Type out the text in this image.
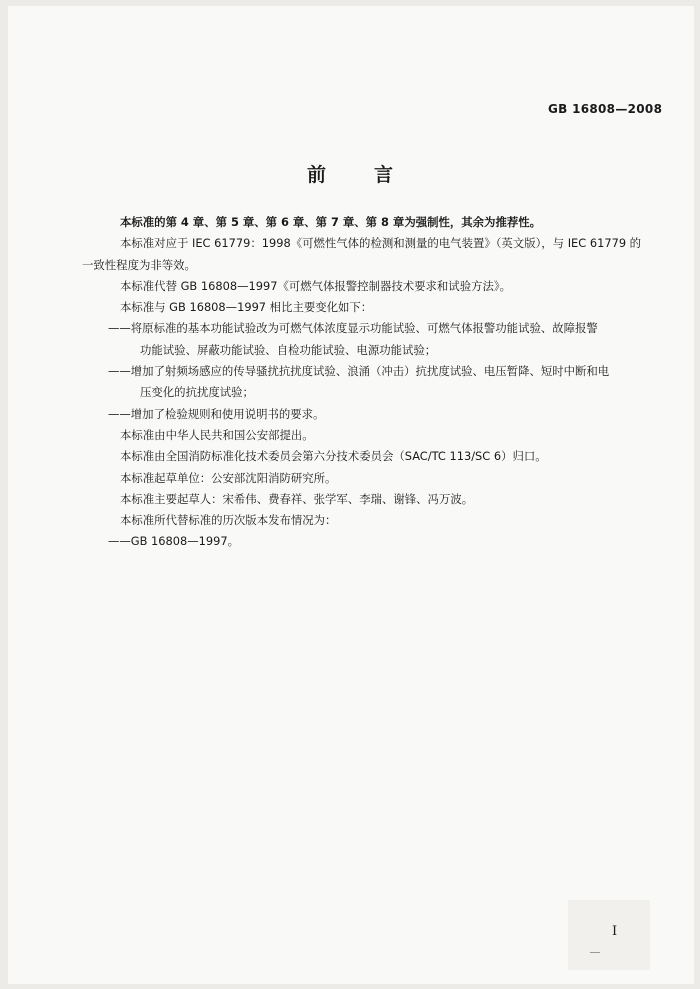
GB 16808—2008
前言

本标准的第 4 章、第 5 章、第 6 章、第 7 章、第 8 章为强制性，其余为推荐性。

本标准对应于 IEC 61779：1998《可燃性气体的检测和测量的电气装置》（英文版），与 IEC 61779 的

一致性程度为非等效。

本标准代替 GB 16808—1997《可燃气体报警控制器技术要求和试验方法》。

本标准与 GB 16808—1997 相比主要变化如下：

——将原标准的基本功能试验改为可燃气体浓度显示功能试验、可燃气体报警功能试验、故障报警

功能试验、屏蔽功能试验、自检功能试验、电源功能试验；

——增加了射频场感应的传导骚扰抗扰度试验、浪涌（冲击）抗扰度试验、电压暂降、短时中断和电

压变化的抗扰度试验；

——增加了检验规则和使用说明书的要求。

本标准由中华人民共和国公安部提出。

本标准由全国消防标准化技术委员会第六分技术委员会（SAC/TC 113/SC 6）归口。

本标准起草单位：公安部沈阳消防研究所。

本标准主要起草人：宋希伟、费春祥、张学军、李瑞、谢锋、冯万波。

本标准所代替标准的历次版本发布情况为：

——GB 16808—1997。

I
